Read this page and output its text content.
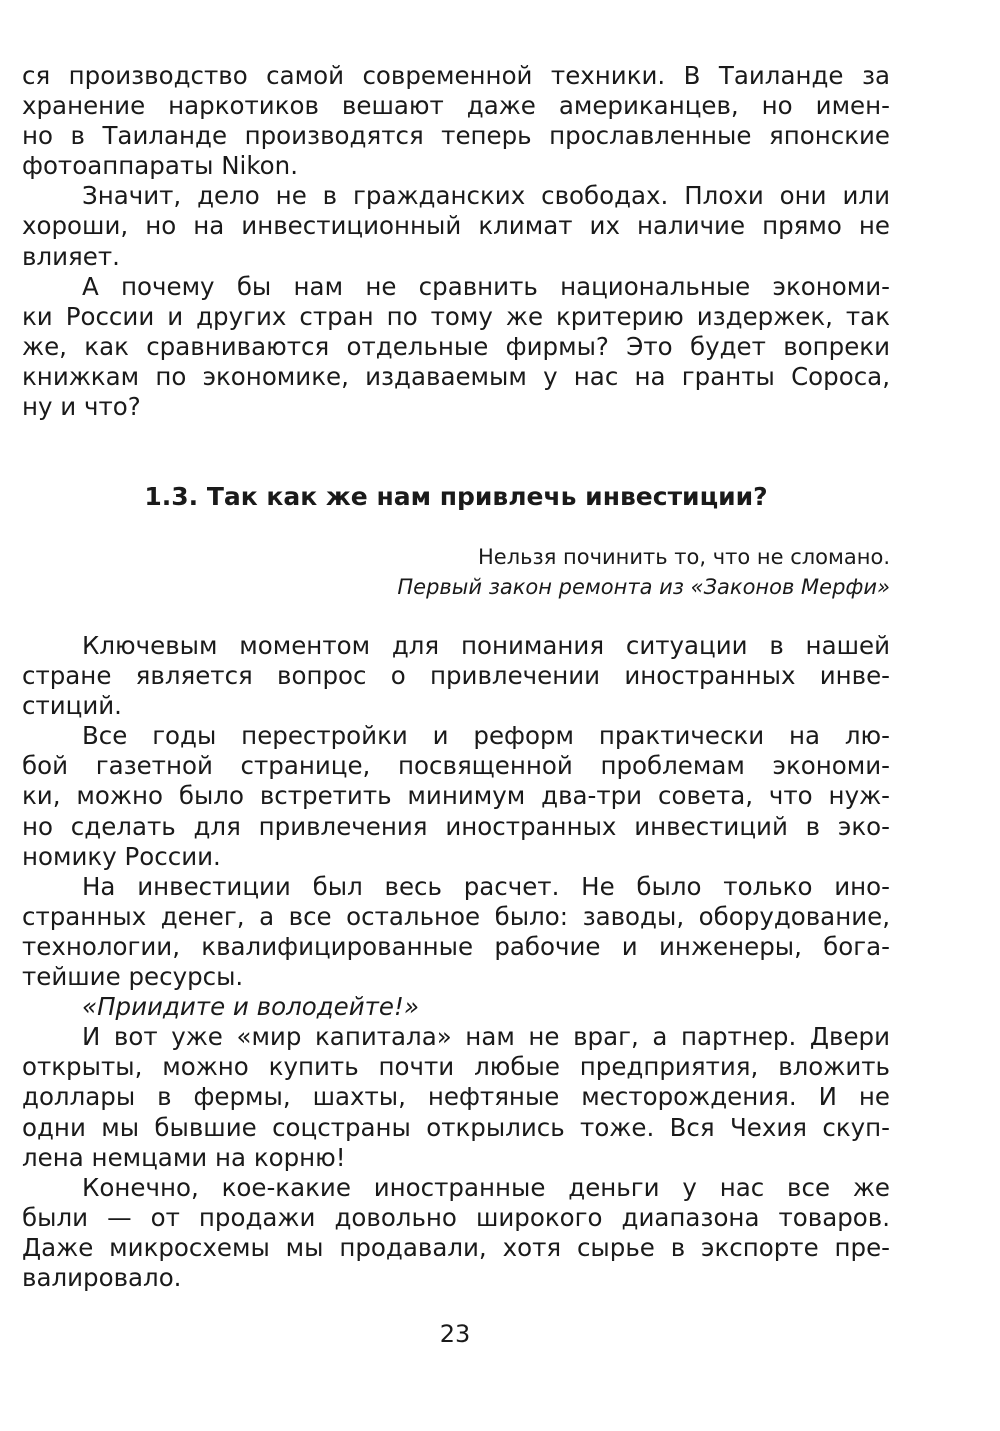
ся производство самой современной техники. В Таиланде за
хранение наркотиков вешают даже американцев, но имен-
но в Таиланде производятся теперь прославленные японские
фотоаппараты Nikon.
Значит, дело не в гражданских свободах. Плохи они или
хороши, но на инвестиционный климат их наличие прямо не
влияет.
А почему бы нам не сравнить национальные экономи-
ки России и других стран по тому же критерию издержек, так
же, как сравниваются отдельные фирмы? Это будет вопреки
книжкам по экономике, издаваемым у нас на гранты Сороса,
ну и что?
1.3. Так как же нам привлечь инвестиции?
Нельзя починить то, что не сломано.
Первый закон ремонта из «Законов Мерфи»
Ключевым моментом для понимания ситуации в нашей
стране является вопрос о привлечении иностранных инве-
стиций.
Все годы перестройки и реформ практически на лю-
бой газетной странице, посвященной проблемам экономи-
ки, можно было встретить минимум два-три совета, что нуж-
но сделать для привлечения иностранных инвестиций в эко-
номику России.
На инвестиции был весь расчет. Не было только ино-
странных денег, а все остальное было: заводы, оборудование,
технологии, квалифицированные рабочие и инженеры, бога-
тейшие ресурсы.
«Приидите и володейте!»
И вот уже «мир капитала» нам не враг, а партнер. Двери
открыты, можно купить почти любые предприятия, вложить
доллары в фермы, шахты, нефтяные месторождения. И не
одни мы бывшие соцстраны открылись тоже. Вся Чехия скуп-
лена немцами на корню!
Конечно, кое-какие иностранные деньги у нас все же
были — от продажи довольно широкого диапазона товаров.
Даже микросхемы мы продавали, хотя сырье в экспорте пре-
валировало.
23
